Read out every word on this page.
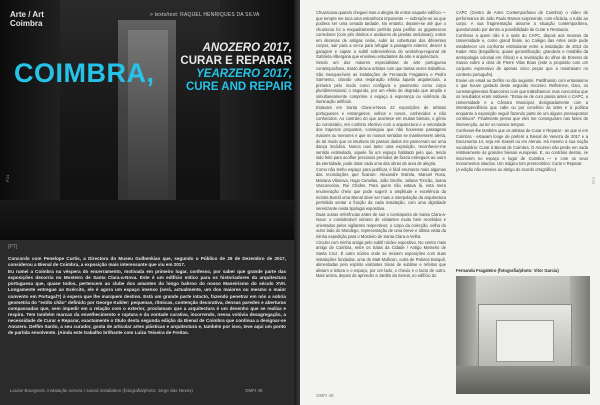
Arte / Art
Coimbra
> texto/text: RAQUEL HENRIQUES DA SILVA
P24
COIMBRA,
ANOZERO 2017,
CURAR E REPARAR
YEARZERO 2017,
CURE AND REPAIR
[PT]

Concordo com Penelope Curtis, a Directora do Museu Gulbenkian que, segundo o Público de 29 de Dezembro de 2017, considerou a Bienal de Coimbra, a exposição mais interessante que viu em 2017.

Eu rumei a Coimbra na véspera do encerramento, motivada em primeiro lugar, confesso, por saber que grande parte das exposições decorria no Mosteiro de Santa Clara-a-Nova. Este é um edifício mítico para os historiadores da arquitectura portuguesa que, quase todos, pertencem ao clube dos amantes do longo bahroo do nosso Maneirismo do século XVII. Longamente entregue ao Exército, ele é agora um espaço imenso (será, actualmente, um dos maiores ou mesmo o maior convento em Portugal?) à espera que lhe marquem destino. Está um grande parte intacto, fazendo penetrar em nós a sobria geometria do "estilo chão" definido por George Kubler: pequenas, rítmicas, contenção decorativa, densas paredes e aberturas compassadas que, sem impedir em a relação com o exterior, proclamam que a arquitectura é um desenho que se realiza e respira. Tem também marcas da envelhecimento e ruptura e da vontade curativa, incorrendo, nessa volúvia desagregação, a necessidade de Curar e Reparar, exactamente o título desta segunda edição da Bienal de Coimbra que continua a designar-se Anozero. Delfim Sardo, a seu curador, gosta de articular artes plásticas e arquitectura e, também por isso, teve aqui um ponto de partida envolvente. (Ainda este trabalho brilhante com Luiza Teixeira de Freitas.

Louise Bourgeois, instalação sonora / sound installation (fotografia/photo: Jorge das Neves)	OMFI 48

Chuviscava quando cheguei mas a alegria de entrar naquele edifício — que tempre me toca uma estranheza imponente — sobrepôs-se ao que podiera ser uma cenada tardade. No entanto, deparei-se até que o chuviscou foi a enquadramento perfeito para perfilar os gigantescos corredores (com pés direitos e andaores de janelas ondulosas), entrar em dezenas de antigas celas, subir às coberturas dos diferentes corpos, sair para a cerca para refugiar a paisagem exterior, descer à garagem e captar a subtil sobrevivência do workshop-regional de Gabriela Albergaria que envolveu estudantes da arte e arquitectura.

Sendo um dos maiores especialistas de arte portuguesa contemporânea, Sardo deixou artistas com que tantas vezes trabalhou. São inesquecíveis as instalações de Fernanda Fragateiro e Pedro Sarmento, criando uma respiração infinita àquela arquitectura, a primeira pelo modo como configura o pavimento como corpo pluridimensional; o segundo, por um efeito de degrada que amplia e simultaneamente comprime o espaço à esperança ou violência da iluminação artificial.

Estavam em Santa Clara-a-Nova 22 exposições de artistas portugueses e estrangeiros, velhos e novos, conhecidos e não conhecidos. Ao contrário do que acontece em muitas bienais, o génio do comissário, em conforto efectivo com a arquitectura e a vetoridade dos trajectos propostos, conseguiu que não houvesse passagens maiores ou menores e que os nossos sentidos se mantivessem alerta, de tal modo que os intuitivos de passos dados me pareceram ser uma dança incódica. Nunca ouvi tanto uma exposição, reconhecer-me sentido estimulado, aquele fio um espaço habitado pelo que, tendo sido feito para acolher preciosos períodos de fixeza entregues ao outro da eternidade, pode dotar cada uma das obras de aura de alegria.

Como não tenho espaço para justificar, é fácil enumerar mais algumas das recordações que ficaram: Alexandre Estrela, Manuel Rosa, Mariana Vilanova, Hugo Canoilas, João Onofre, Juliana Trincão, Joana Vasconcelos, Rui Chafes. Para quem não estava lá, esta mera enumeração cheio que pode sugerir a amplitude e excelência da mostra Burrid uma Bienal deve ser mais a interpolação da arquitectura permitida sentar a fruição da cada instalação, com uma dignidade serenizante nesta tipologia expositiva.

Duas outras referências antes de sair o contraponto de Santa Clara-a-Nova: o considerável número de visitantes muito bem recebidos e orientados pelos vigilantes respectivos; o corpo da colecção, velha do outro lado do Mondego, representação de uma breve e última visita da minha expedição para o Mosteiro de Santa Clara-a-Velha.

Circulei com minha amiga pelo subtil núcleo expositivo. No centro mais antigo de Coimbra, entre os Salas da Cidade / Antigo Mosteiro de Santa Cruz. É outro núcleo onde se reúnem exposições com duas instalações fundadas, uma de Matt Mullican, outra de Paloma Bosquê, alimentadas pelo espírito visitantes trinas de sublime e refeitos que aliviam a leitura e o espaço, por um lado, o chexio e o tacto de outro. Mais acima, depois de aprender a Jardim da Sereia, no edifício do

CAPC (Centro de Artes Contemporânea de Coimbra) o vídeo de performance de João Paulo Ramos surpreende, com eficácia, o ruído ao corpo. A sua fragmentação assume a situação contemporânea, questionando por dentro a possibilidade de Curar e Restaurar.

Confesso a quem não é a sede do CAPC, depois aos museus da Universidade e, como grand finale, ao Colégio das Artes onde pude estabelecer um confronto estimulante entre a instalação de 2013 do Kader Attia (Esquilíbrio, quase gerontificação, grandeza e mirabilia da antropologia colonial em África) e a revisitação do olhar de Ernesto de Sousa sobre a obra de Pierre Vilas Boas (este a propósito com um conjunto expressivo de apenas cinco peças que a mostravam no contexto português).

Enviei um email ao Delfim no dia seguinte. Partilhando com entusiasmo o que houve gostado deste segundo Anozero. Refleti-me, claro, os constrangimentos financeiros com que trabalhamos: mas concordou que os resultados eram notáveis. "Estou-se de curo passa antes o CAPC, a Universidade e a Câmara Municipal, designadamente com a interdependência que cabe ou por convênio às artes e à política enquanto a exposição seguir fazendo parte de um alguns pressupostos contínuos". Finalmente penso que eles me conseguiram nas fases de intervenção, ao ter os nossos tempos.

Confessei-lhe também que os artistas de Curar e Reparar - as que vi em Coimbra - estavam longe de preferir a Bienal de Veneza de 2017 e a Documenta 14, seja em Kassel ou em Atenas. Há mesmo a sua noção vocabulário: Curar à Bienal de Coimbra. O Anozero não perde em nada relativamente às grandes bienais europeias. E, ao contrário destas, se inscrevem no espaço e lugar de Coimbra — e com os seus monumentos intactos. Um mágico tom premonitório: Curar e Reparar.

(A edição não escreve ao abrigo do acordo ortográfico)

Fernanda Fragateiro (fotografia/photo: Vitor Garcia)
OMFI 49
P25
